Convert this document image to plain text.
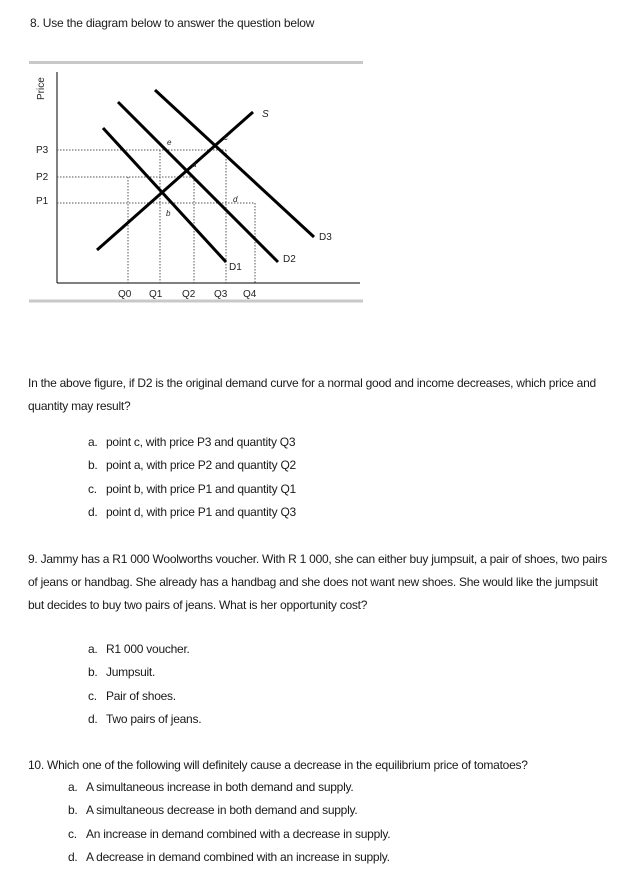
8. Use the diagram below to answer the question below
Price
P3
P2
P1
Q0 Q1 Q2 Q3 Q4
S
D1
D2
D3
e
c
a
d
b
In the above figure, if D2 is the original demand curve for a normal good and income decreases, which price and quantity may result?
a. point c, with price P3 and quantity Q3
b. point a, with price P2 and quantity Q2
c. point b, with price P1 and quantity Q1
d. point d, with price P1 and quantity Q3
9. Jammy has a R1 000 Woolworths voucher. With R 1 000, she can either buy jumpsuit, a pair of shoes, two pairs of jeans or handbag. She already has a handbag and she does not want new shoes. She would like the jumpsuit but decides to buy two pairs of jeans. What is her opportunity cost?
a. R1 000 voucher.
b. Jumpsuit.
c. Pair of shoes.
d. Two pairs of jeans.
10. Which one of the following will definitely cause a decrease in the equilibrium price of tomatoes?
a. A simultaneous increase in both demand and supply.
b. A simultaneous decrease in both demand and supply.
c. An increase in demand combined with a decrease in supply.
d. A decrease in demand combined with an increase in supply.
